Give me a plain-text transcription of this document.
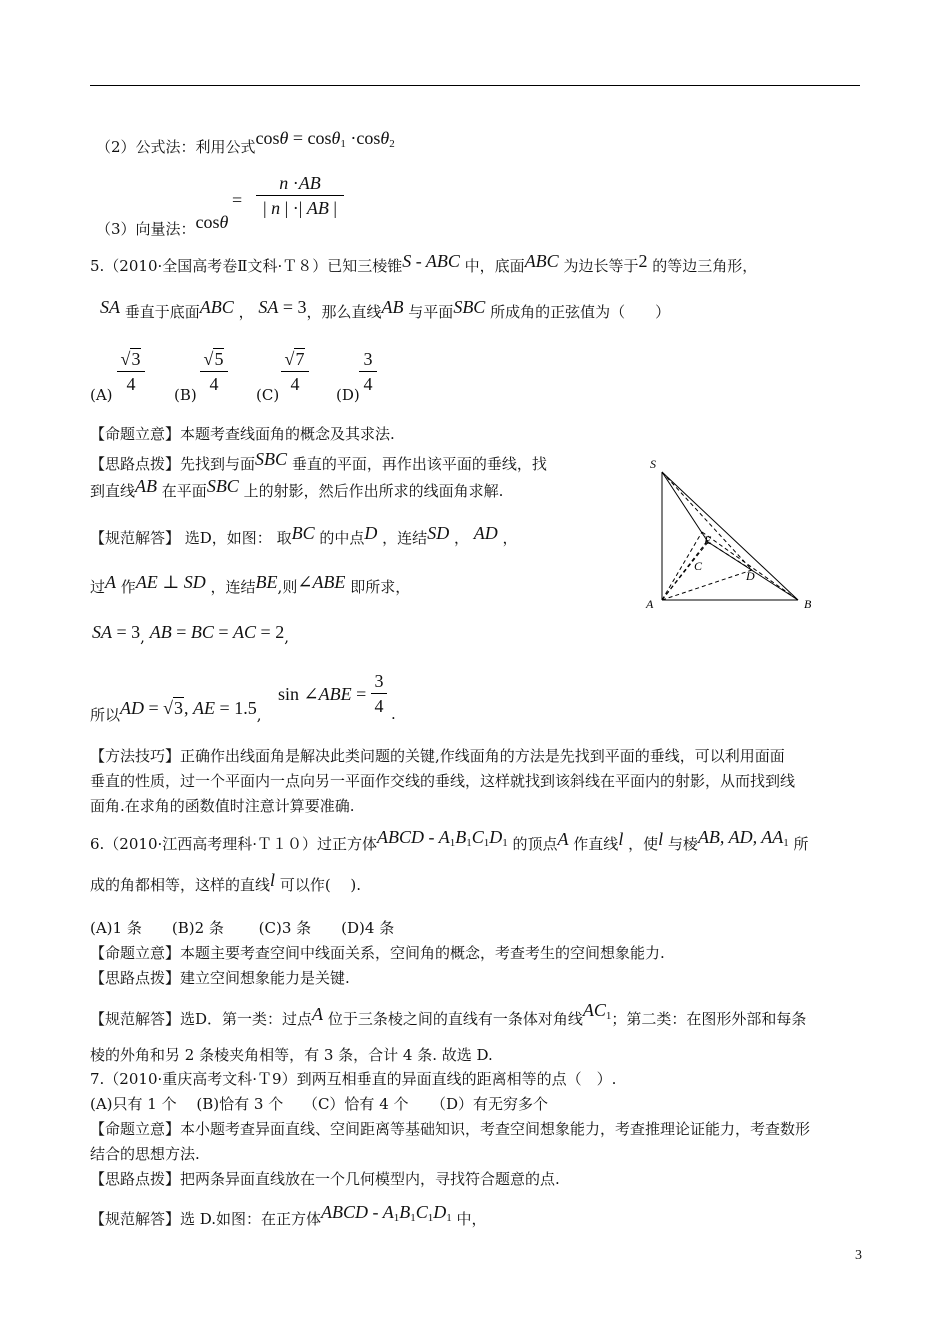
（2）公式法：利用公式cosθ = cosθ$_1$ ·cosθ$_2$
（3）向量法：cosθ
=
n ·AB
| n | ·| AB |
5.（2010·全国高考卷Ⅱ文科·Ｔ８）已知三棱锥S - ABC 中，底面ABC 为边长等于2 的等边三角形，
SA 垂直于底面ABC ， SA = 3，那么直线AB 与平面SBC 所成角的正弦值为（　　）
(A)
√3
4
(B)
√5
4
(C)
√7
4
(D)
3
4
【命题立意】本题考查线面角的概念及其求法.
【思路点拨】先找到与面SBC 垂直的平面，再作出该平面的垂线，找
到直线AB 在平面SBC 上的射影，然后作出所求的线面角求解.
【规范解答】 选D，如图： 取BC 的中点D ，连结SD ， AD ，
过A 作AE ⊥ SD ，连结BE,则∠ABE 即所求，
SA = 3, AB = BC = AC = 2,
所以AD = √3, AE = 1.5,
sin ∠ABE =
3
4 .
S
A	B
C
D
E
【方法技巧】正确作出线面角是解决此类问题的关键,作线面角的方法是先找到平面的垂线，可以利用面面
垂直的性质，过一个平面内一点向另一平面作交线的垂线，这样就找到该斜线在平面内的射影，从而找到线
面角.在求角的函数值时注意计算要准确.
6.（2010·江西高考理科·Ｔ１０）过正方体ABCD - $A_1B_1C_1D_1$ 的顶点A 作直线l ，使l 与棱AB, AD, $AA_1$ 所
成的角都相等，这样的直线l 可以作(　 ).
(A)1 条　　(B)2 条　　 (C)3 条　　(D)4 条
【命题立意】本题主要考查空间中线面关系，空间角的概念，考查考生的空间想象能力.
【思路点拨】建立空间想象能力是关键.
【规范解答】选D．第一类：过点A 位于三条棱之间的直线有一条体对角线$AC_1$；第二类：在图形外部和每条
棱的外角和另 2 条棱夹角相等，有 3 条，合计 4 条. 故选 D.
7.（2010·重庆高考文科·Ｔ9）到两互相垂直的异面直线的距离相等的点（　）.
(A)只有 1 个　 (B)恰有 3 个　 （C）恰有 4 个　　（D）有无穷多个
【命题立意】本小题考查异面直线、空间距离等基础知识，考查空间想象能力，考查推理论证能力，考查数形
结合的思想方法.
【思路点拨】把两条异面直线放在一个几何模型内，寻找符合题意的点.
【规范解答】选 D.如图：在正方体ABCD - $A_1B_1C_1D_1$ 中，
3
